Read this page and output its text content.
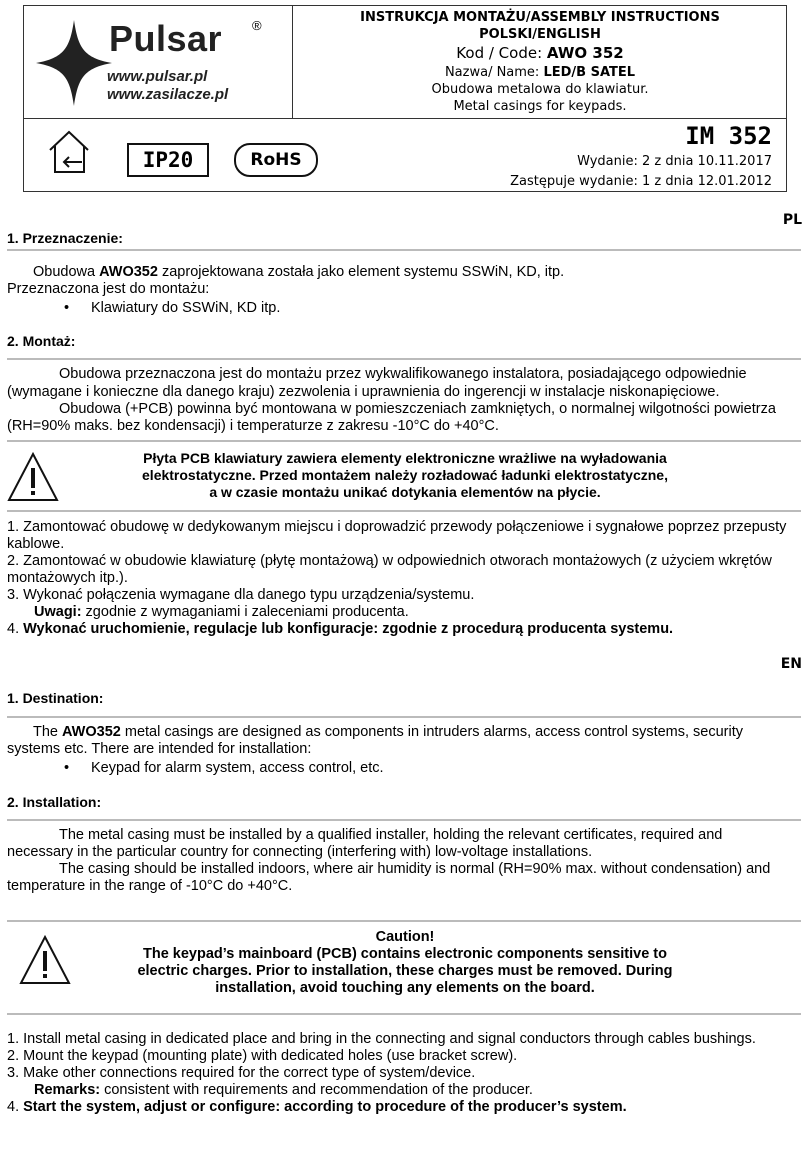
Pulsar ®
www.pulsar.pl
www.zasilacze.pl
INSTRUKCJA MONTAŻU/ASSEMBLY INSTRUCTIONS
POLSKI/ENGLISH
Kod / Code: AWO 352
Nazwa/ Name: LED/B SATEL
Obudowa metalowa do klawiatur.
Metal casings for keypads.
IP20	RoHS
IM 352
Wydanie: 2 z dnia 10.11.2017
Zastępuje wydanie: 1 z dnia 12.01.2012
PL
1. Przeznaczenie:
Obudowa AWO352 zaprojektowana została jako element systemu SSWiN, KD, itp.
Przeznaczona jest do montażu:
• Klawiatury do SSWiN, KD itp.
2. Montaż:
Obudowa przeznaczona jest do montażu przez wykwalifikowanego instalatora, posiadającego odpowiednie
(wymagane i konieczne dla danego kraju) zezwolenia i uprawnienia do ingerencji w instalacje niskonapięciowe.
Obudowa (+PCB) powinna być montowana w pomieszczeniach zamkniętych, o normalnej wilgotności powietrza
(RH=90% maks. bez kondensacji) i temperaturze z zakresu -10°C do +40°C.
Płyta PCB klawiatury zawiera elementy elektroniczne wrażliwe na wyładowania
elektrostatyczne. Przed montażem należy rozładować ładunki elektrostatyczne,
a w czasie montażu unikać dotykania elementów na płycie.
1. Zamontować obudowę w dedykowanym miejscu i doprowadzić przewody połączeniowe i sygnałowe poprzez przepusty
kablowe.
2. Zamontować w obudowie klawiaturę (płytę montażową) w odpowiednich otworach montażowych (z użyciem wkrętów
montażowych itp.).
3. Wykonać połączenia wymagane dla danego typu urządzenia/systemu.
Uwagi: zgodnie z wymaganiami i zaleceniami producenta.
4. Wykonać uruchomienie, regulacje lub konfiguracje: zgodnie z procedurą producenta systemu.
EN
1. Destination:
The AWO352 metal casings are designed as components in intruders alarms, access control systems, security
systems etc. There are intended for installation:
• Keypad for alarm system, access control, etc.
2. Installation:
The metal casing must be installed by a qualified installer, holding the relevant certificates, required and
necessary in the particular country for connecting (interfering with) low-voltage installations.
The casing should be installed indoors, where air humidity is normal (RH=90% max. without condensation) and
temperature in the range of -10°C do +40°C.
Caution!
The keypad’s mainboard (PCB) contains electronic components sensitive to
electric charges. Prior to installation, these charges must be removed. During
installation, avoid touching any elements on the board.
1. Install metal casing in dedicated place and bring in the connecting and signal conductors through cables bushings.
2. Mount the keypad (mounting plate) with dedicated holes (use bracket screw).
3. Make other connections required for the correct type of system/device.
Remarks: consistent with requirements and recommendation of the producer.
4. Start the system, adjust or configure: according to procedure of the producer’s system.
